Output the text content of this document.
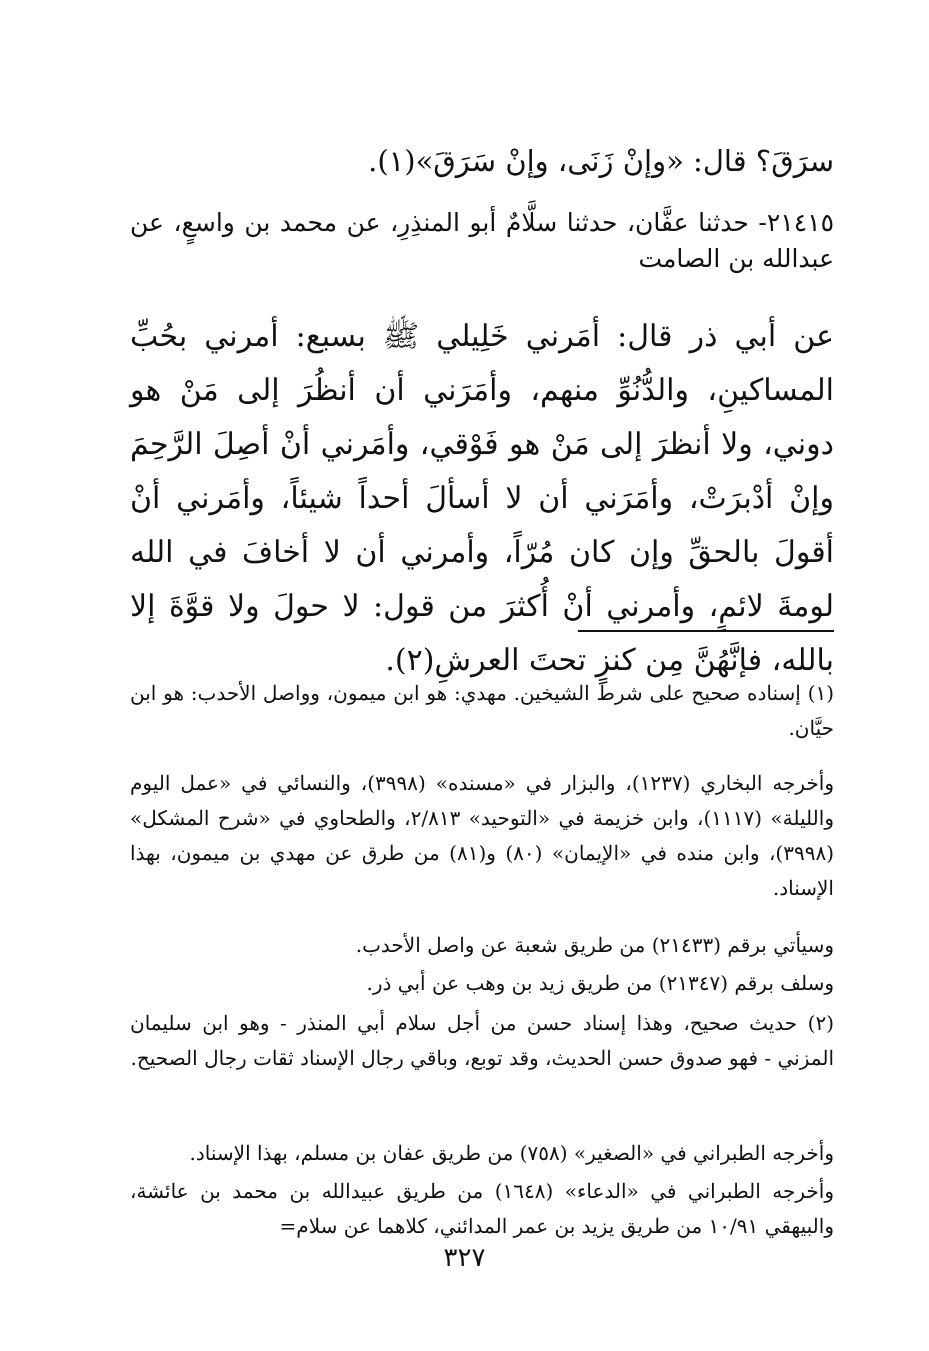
سرَقَ؟ قال: «وإنْ زَنَى، وإنْ سَرَقَ»(١).

٢١٤١٥- حدثنا عفَّان، حدثنا سلَّامٌ أبو المنذِرِ، عن محمد بن واسعٍ، عن عبدالله بن الصامت

عن أبي ذر قال: أمَرني خَلِيلي ﷺ بسبع: أمرني بحُبِّ المساكينِ، والدُّنُوِّ منهم، وأمَرَني أن أنظُرَ إلى مَنْ هو دوني، ولا أنظرَ إلى مَنْ هو فَوْقي، وأمَرني أنْ أصِلَ الرَّحِمَ وإنْ أدْبرَتْ، وأمَرَني أن لا أسألَ أحداً شيئاً، وأمَرني أنْ أقولَ بالحقِّ وإن كان مُرّاً، وأمرني أن لا أخافَ في الله لومةَ لائمٍ، وأمرني أنْ أُكثرَ من قول: لا حولَ ولا قوَّةَ إلا بالله، فإنَّهُنَّ مِن كنزٍ تحتَ العرشِ(٢).

(١) إسناده صحيح على شرط الشيخين. مهدي: هو ابن ميمون، وواصل الأحدب: هو ابن حيَّان.

وأخرجه البخاري (١٢٣٧)، والبزار في «مسنده» (٣٩٩٨)، والنسائي في «عمل اليوم والليلة» (١١١٧)، وابن خزيمة في «التوحيد» ٢/٨١٣، والطحاوي في «شرح المشكل» (٣٩٩٨)، وابن منده في «الإيمان» (٨٠) و(٨١) من طرق عن مهدي بن ميمون، بهذا الإسناد.

وسيأتي برقم (٢١٤٣٣) من طريق شعبة عن واصل الأحدب.

وسلف برقم (٢١٣٤٧) من طريق زيد بن وهب عن أبي ذر.

(٢) حديث صحيح، وهذا إسناد حسن من أجل سلام أبي المنذر - وهو ابن سليمان المزني - فهو صدوق حسن الحديث، وقد توبع، وباقي رجال الإسناد ثقات رجال الصحيح.

وأخرجه الطبراني في «الصغير» (٧٥٨) من طريق عفان بن مسلم، بهذا الإسناد.

وأخرجه الطبراني في «الدعاء» (١٦٤٨) من طريق عبيدالله بن محمد بن عائشة، والبيهقي ١٠/٩١ من طريق يزيد بن عمر المدائني، كلاهما عن سلام=

٣٢٧
